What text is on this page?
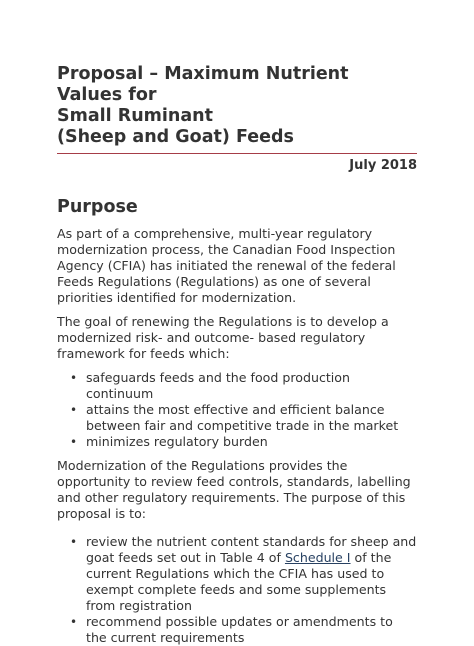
Proposal – Maximum Nutrient Values for
Small Ruminant
(Sheep and Goat) Feeds
July 2018
Purpose

As part of a comprehensive, multi-year regulatory modernization process, the Canadian Food Inspection Agency (CFIA) has initiated the renewal of the federal Feeds Regulations (Regulations) as one of several priorities identified for modernization.

The goal of renewing the Regulations is to develop a modernized risk- and outcome- based regulatory framework for feeds which:

• safeguards feeds and the food production continuum
• attains the most effective and efficient balance between fair and competitive trade in the market
• minimizes regulatory burden

Modernization of the Regulations provides the opportunity to review feed controls, standards, labelling and other regulatory requirements. The purpose of this proposal is to:

• review the nutrient content standards for sheep and goat feeds set out in Table 4 of Schedule I of the current Regulations which the CFIA has used to exempt complete feeds and some supplements from registration
• recommend possible updates or amendments to the current requirements
